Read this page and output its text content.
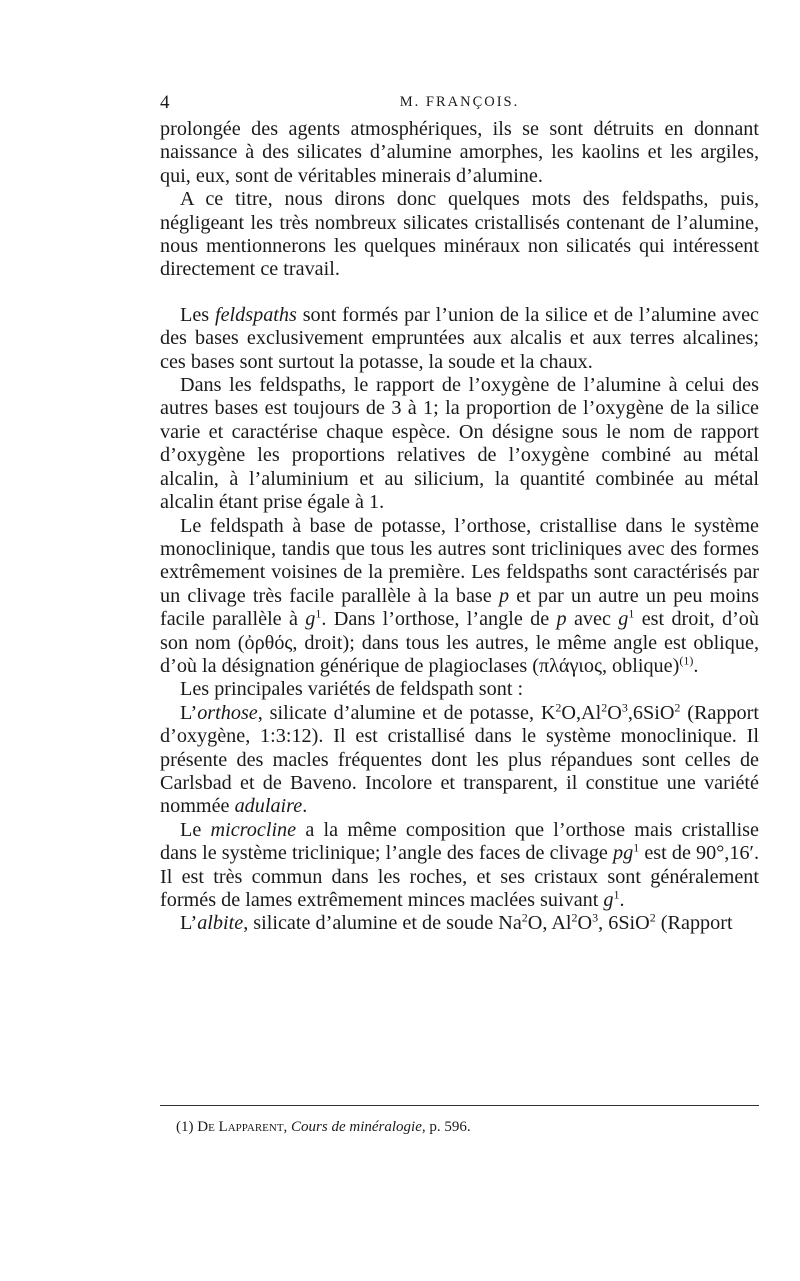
4	M. FRANÇOIS.

prolongée des agents atmosphériques, ils se sont détruits en donnant naissance à des silicates d’alumine amorphes, les kaolins et les argiles, qui, eux, sont de véritables minerais d’alumine.

A ce titre, nous dirons donc quelques mots des feldspaths, puis, négligeant les très nombreux silicates cristallisés contenant de l’alumine, nous mentionnerons les quelques minéraux non silicatés qui intéressent directement ce travail.

Les feldspaths sont formés par l’union de la silice et de l’alumine avec des bases exclusivement empruntées aux alcalis et aux terres alcalines; ces bases sont surtout la potasse, la soude et la chaux.

Dans les feldspaths, le rapport de l’oxygène de l’alumine à celui des autres bases est toujours de 3 à 1; la proportion de l’oxygène de la silice varie et caractérise chaque espèce. On désigne sous le nom de rapport d’oxygène les proportions relatives de l’oxygène combiné au métal alcalin, à l’aluminium et au silicium, la quantité combinée au métal alcalin étant prise égale à 1.

Le feldspath à base de potasse, l’orthose, cristallise dans le système monoclinique, tandis que tous les autres sont tricliniques avec des formes extrêmement voisines de la première. Les feldspaths sont caractérisés par un clivage très facile parallèle à la base p et par un autre un peu moins facile parallèle à $g^1$. Dans l’orthose, l’angle de p avec $g^1$ est droit, d’où son nom (ὀρθός, droit); dans tous les autres, le même angle est oblique, d’où la désignation générique de plagioclases (πλάγιος, oblique)$^{(1)}$.

Les principales variétés de feldspath sont :

L’orthose, silicate d’alumine et de potasse, $K^2O,Al^2O^3,6SiO^2$ (Rapport d’oxygène, 1:3:12). Il est cristallisé dans le système monoclinique. Il présente des macles fréquentes dont les plus répandues sont celles de Carlsbad et de Baveno. Incolore et transparent, il constitue une variété nommée adulaire.

Le microcline a la même composition que l’orthose mais cristallise dans le système triclinique; l’angle des faces de clivage $pg^1$ est de 90°,16′. Il est très commun dans les roches, et ses cristaux sont généralement formés de lames extrêmement minces maclées suivant $g^1$.

L’albite, silicate d’alumine et de soude Na$^2$O, $Al^2O^3$, 6SiO$^2$ (Rapport

(1) De Lapparent, Cours de minéralogie, p. 596.
